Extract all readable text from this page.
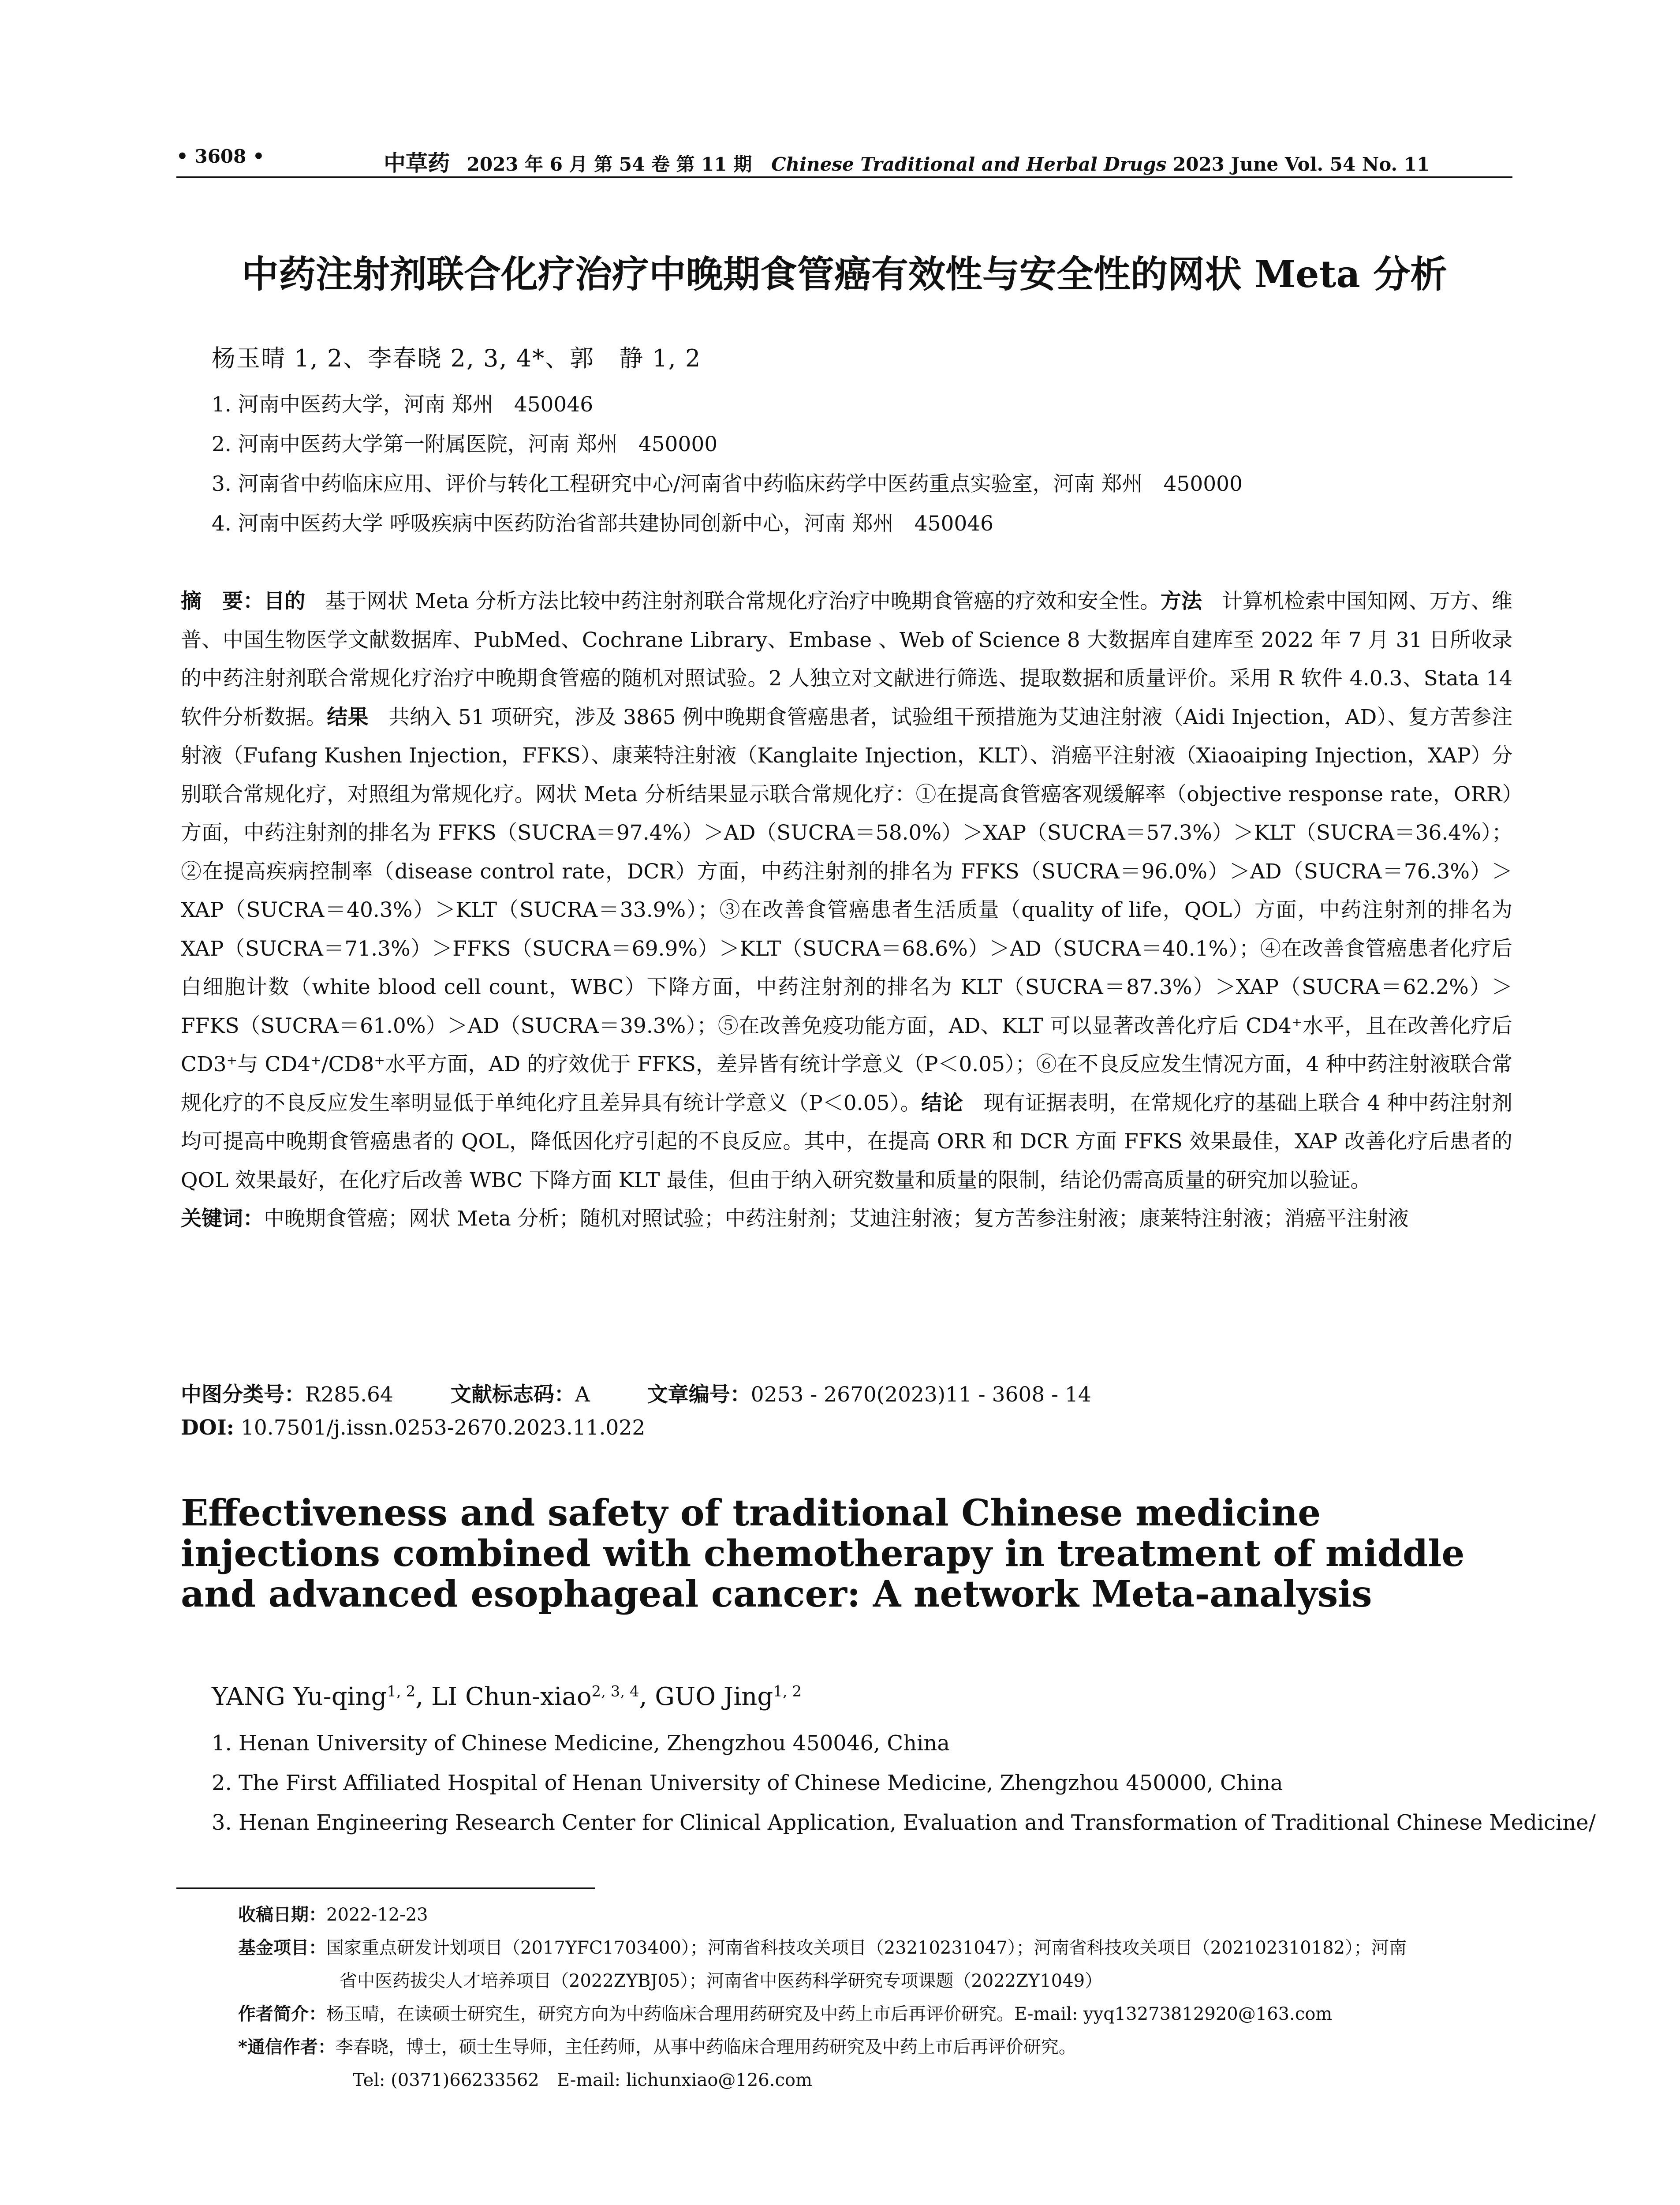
• 3608 •	中草药 2023 年 6 月 第 54 卷 第 11 期 Chinese Traditional and Herbal Drugs 2023 June Vol. 54 No. 11
中药注射剂联合化疗治疗中晚期食管癌有效性与安全性的网状 Meta 分析
杨玉晴 1, 2、李春晓 2, 3, 4*、郭　静 1, 2
1. 河南中医药大学，河南 郑州　450046
2. 河南中医药大学第一附属医院，河南 郑州　450000
3. 河南省中药临床应用、评价与转化工程研究中心/河南省中药临床药学中医药重点实验室，河南 郑州　450000
4. 河南中医药大学 呼吸疾病中医药防治省部共建协同创新中心，河南 郑州　450046

摘　要：目的 基于网状 Meta 分析方法比较中药注射剂联合常规化疗治疗中晚期食管癌的疗效和安全性。方法 计算机检索中国知网、万方、维普、中国生物医学文献数据库、PubMed、Cochrane Library、Embase 、Web of Science 8 大数据库自建库至 2022 年 7 月 31 日所收录的中药注射剂联合常规化疗治疗中晚期食管癌的随机对照试验。2 人独立对文献进行筛选、提取数据和质量评价。采用 R 软件 4.0.3、Stata 14 软件分析数据。结果 共纳入 51 项研究，涉及 3865 例中晚期食管癌患者，试验组干预措施为艾迪注射液（Aidi Injection，AD）、复方苦参注射液（Fufang Kushen Injection，FFKS）、康莱特注射液（Kanglaite Injection，KLT）、消癌平注射液（Xiaoaiping Injection，XAP）分别联合常规化疗，对照组为常规化疗。网状 Meta 分析结果显示联合常规化疗：①在提高食管癌客观缓解率（objective response rate，ORR）方面，中药注射剂的排名为 FFKS（SUCRA＝97.4%）＞AD（SUCRA＝58.0%）＞XAP（SUCRA＝57.3%）＞KLT（SUCRA＝36.4%）；②在提高疾病控制率（disease control rate，DCR）方面，中药注射剂的排名为 FFKS（SUCRA＝96.0%）＞AD（SUCRA＝76.3%）＞XAP（SUCRA＝40.3%）＞KLT（SUCRA＝33.9%）；③在改善食管癌患者生活质量（quality of life，QOL）方面，中药注射剂的排名为 XAP（SUCRA＝71.3%）＞FFKS（SUCRA＝69.9%）＞KLT（SUCRA＝68.6%）＞AD（SUCRA＝40.1%）；④在改善食管癌患者化疗后白细胞计数（white blood cell count，WBC）下降方面，中药注射剂的排名为 KLT（SUCRA＝87.3%）＞XAP（SUCRA＝62.2%）＞FFKS（SUCRA＝61.0%）＞AD（SUCRA＝39.3%）；⑤在改善免疫功能方面，AD、KLT 可以显著改善化疗后 CD4⁺水平，且在改善化疗后 CD3⁺与 CD4⁺/CD8⁺水平方面，AD 的疗效优于 FFKS，差异皆有统计学意义（P＜0.05）；⑥在不良反应发生情况方面，4 种中药注射液联合常规化疗的不良反应发生率明显低于单纯化疗且差异具有统计学意义（P＜0.05）。结论 现有证据表明，在常规化疗的基础上联合 4 种中药注射剂均可提高中晚期食管癌患者的 QOL，降低因化疗引起的不良反应。其中，在提高 ORR 和 DCR 方面 FFKS 效果最佳，XAP 改善化疗后患者的 QOL 效果最好，在化疗后改善 WBC 下降方面 KLT 最佳，但由于纳入研究数量和质量的限制，结论仍需高质量的研究加以验证。

关键词：中晚期食管癌；网状 Meta 分析；随机对照试验；中药注射剂；艾迪注射液；复方苦参注射液；康莱特注射液；消癌平注射液

中图分类号：R285.64	文献标志码：A	文章编号：0253 - 2670(2023)11 - 3608 - 14
DOI: 10.7501/j.issn.0253-2670.2023.11.022
Effectiveness and safety of traditional Chinese medicine injections combined with chemotherapy in treatment of middle and advanced esophageal cancer: A network Meta-analysis
YANG Yu-qing$^{1, 2}$, LI Chun-xiao$^{2, 3, 4}$, GUO Jing$^{1, 2}$
1. Henan University of Chinese Medicine, Zhengzhou 450046, China
2. The First Affiliated Hospital of Henan University of Chinese Medicine, Zhengzhou 450000, China
3. Henan Engineering Research Center for Clinical Application, Evaluation and Transformation of Traditional Chinese Medicine/
收稿日期：2022-12-23
基金项目：国家重点研发计划项目（2017YFC1703400）；河南省科技攻关项目（23210231047）；河南省科技攻关项目（202102310182）；河南
省中医药拔尖人才培养项目（2022ZYBJ05）；河南省中医药科学研究专项课题（2022ZY1049）
作者简介：杨玉晴，在读硕士研究生，研究方向为中药临床合理用药研究及中药上市后再评价研究。E-mail: yyq13273812920@163.com
*通信作者：李春晓，博士，硕士生导师，主任药师，从事中药临床合理用药研究及中药上市后再评价研究。
Tel: (0371)66233562　E-mail: lichunxiao@126.com
